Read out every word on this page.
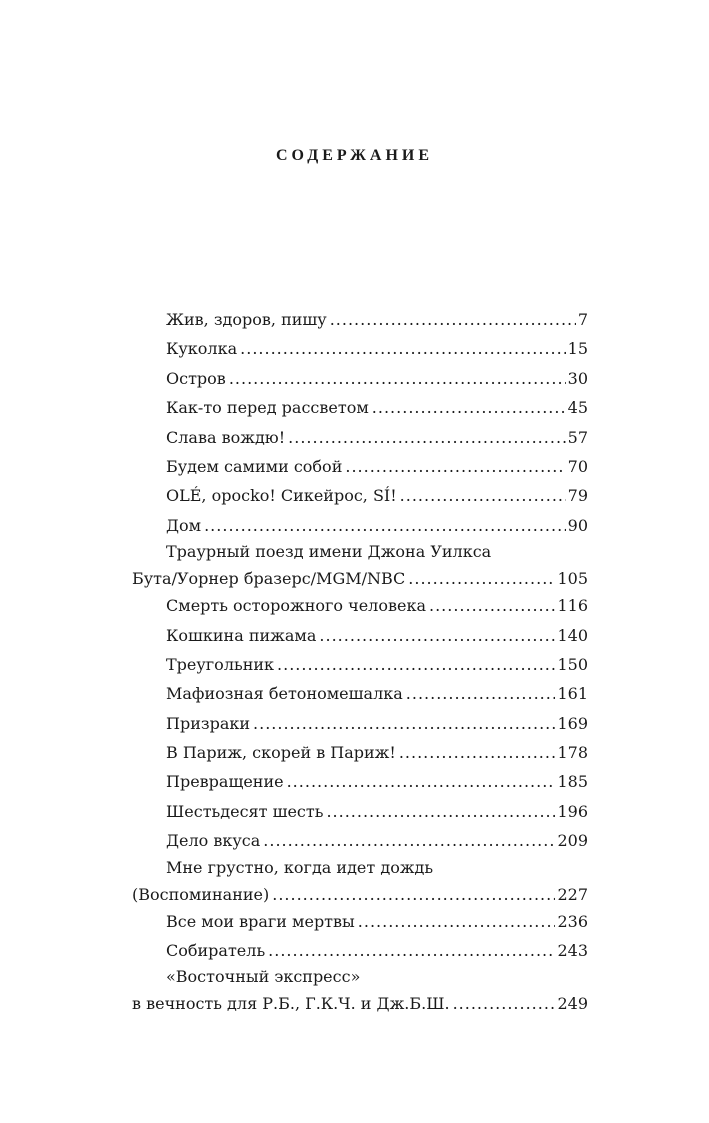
СОДЕРЖАНИЕ
Жив, здоров, пишу .....	7
Куколка .....	15
Остров .....	30
Как-то перед рассветом .....	45
Слава вождю! .....	57
Будем самими собой .....	70
OLÉ, оросkо! Сикейрос, SÍ! .....	79
Дом .....	90
Траурный поезд имени Джона Уилкса
Бута/Уорнер бразерс/MGM/NBC .....	105
Смерть осторожного человека .....	116
Кошкина пижама .....	140
Треугольник .....	150
Мафиозная бетономешалка .....	161
Призраки .....	169
В Париж, скорей в Париж! .....	178
Превращение .....	185
Шестьдесят шесть .....	196
Дело вкуса .....	209
Мне грустно, когда идет дождь
(Воспоминание) .....	227
Все мои враги мертвы .....	236
Собиратель .....	243
«Восточный экспресс»
в вечность для Р.Б., Г.К.Ч. и Дж.Б.Ш. .....	249
